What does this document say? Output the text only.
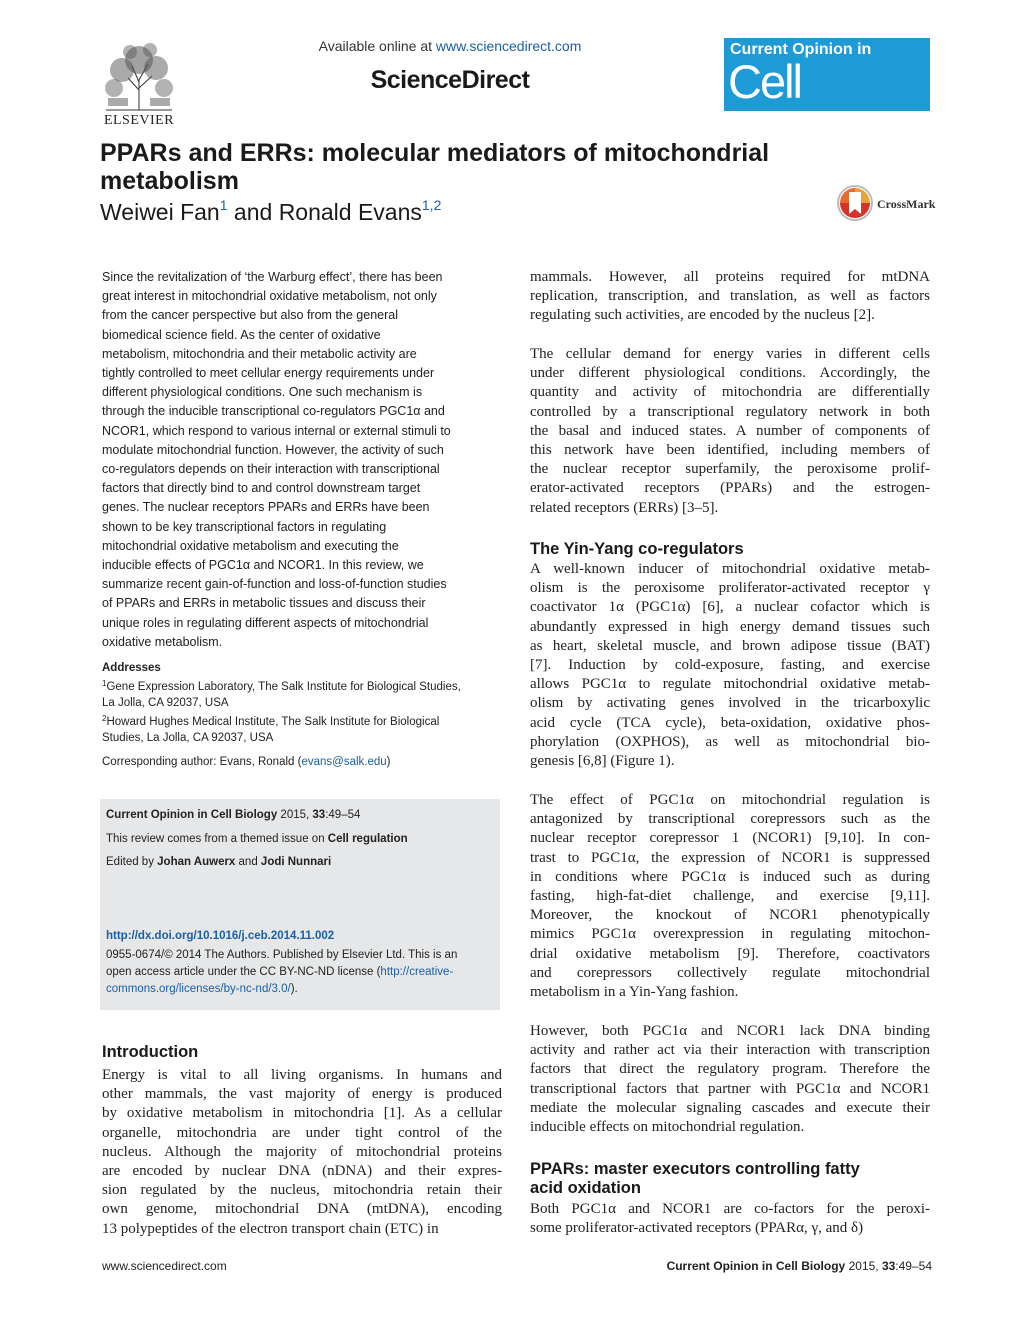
ELSEVIER
Available online at www.sciencedirect.com
ScienceDirect
Current Opinion in
Cell Biology
PPARs and ERRs: molecular mediators of mitochondrial
metabolism
Weiwei Fan$^1$ and Ronald Evans$^{1,2}$	CrossMark
Since the revitalization of ‘the Warburg effect’, there has been
great interest in mitochondrial oxidative metabolism, not only
from the cancer perspective but also from the general
biomedical science field. As the center of oxidative
metabolism, mitochondria and their metabolic activity are
tightly controlled to meet cellular energy requirements under
different physiological conditions. One such mechanism is
through the inducible transcriptional co-regulators PGC1α and
NCOR1, which respond to various internal or external stimuli to
modulate mitochondrial function. However, the activity of such
co-regulators depends on their interaction with transcriptional
factors that directly bind to and control downstream target
genes. The nuclear receptors PPARs and ERRs have been
shown to be key transcriptional factors in regulating
mitochondrial oxidative metabolism and executing the
inducible effects of PGC1α and NCOR1. In this review, we
summarize recent gain-of-function and loss-of-function studies
of PPARs and ERRs in metabolic tissues and discuss their
unique roles in regulating different aspects of mitochondrial
oxidative metabolism.
Addresses
$^1$Gene Expression Laboratory, The Salk Institute for Biological Studies,
La Jolla, CA 92037, USA
$^2$Howard Hughes Medical Institute, The Salk Institute for Biological
Studies, La Jolla, CA 92037, USA
Corresponding author: Evans, Ronald (evans@salk.edu)
Current Opinion in Cell Biology 2015, 33:49–54
This review comes from a themed issue on Cell regulation
Edited by Johan Auwerx and Jodi Nunnari
http://dx.doi.org/10.1016/j.ceb.2014.11.002
0955-0674/© 2014 The Authors. Published by Elsevier Ltd. This is an
open access article under the CC BY-NC-ND license (http://creative-
commons.org/licenses/by-nc-nd/3.0/).
Introduction
Energy is vital to all living organisms. In humans and
other mammals, the vast majority of energy is produced
by oxidative metabolism in mitochondria [1]. As a cellular
organelle, mitochondria are under tight control of the
nucleus. Although the majority of mitochondrial proteins
are encoded by nuclear DNA (nDNA) and their expres-
sion regulated by the nucleus, mitochondria retain their
own genome, mitochondrial DNA (mtDNA), encoding
13 polypeptides of the electron transport chain (ETC) in
mammals. However, all proteins required for mtDNA
replication, transcription, and translation, as well as factors
regulating such activities, are encoded by the nucleus [2].
The cellular demand for energy varies in different cells
under different physiological conditions. Accordingly, the
quantity and activity of mitochondria are differentially
controlled by a transcriptional regulatory network in both
the basal and induced states. A number of components of
this network have been identified, including members of
the nuclear receptor superfamily, the peroxisome prolif-
erator-activated receptors (PPARs) and the estrogen-
related receptors (ERRs) [3–5].
The Yin-Yang co-regulators
A well-known inducer of mitochondrial oxidative metab-
olism is the peroxisome proliferator-activated receptor γ
coactivator 1α (PGC1α) [6], a nuclear cofactor which is
abundantly expressed in high energy demand tissues such
as heart, skeletal muscle, and brown adipose tissue (BAT)
[7]. Induction by cold-exposure, fasting, and exercise
allows PGC1α to regulate mitochondrial oxidative metab-
olism by activating genes involved in the tricarboxylic
acid cycle (TCA cycle), beta-oxidation, oxidative phos-
phorylation (OXPHOS), as well as mitochondrial bio-
genesis [6,8] (Figure 1).
The effect of PGC1α on mitochondrial regulation is
antagonized by transcriptional corepressors such as the
nuclear receptor corepressor 1 (NCOR1) [9,10]. In con-
trast to PGC1α, the expression of NCOR1 is suppressed
in conditions where PGC1α is induced such as during
fasting, high-fat-diet challenge, and exercise [9,11].
Moreover, the knockout of NCOR1 phenotypically
mimics PGC1α overexpression in regulating mitochon-
drial oxidative metabolism [9]. Therefore, coactivators
and corepressors collectively regulate mitochondrial
metabolism in a Yin-Yang fashion.
However, both PGC1α and NCOR1 lack DNA binding
activity and rather act via their interaction with transcription
factors that direct the regulatory program. Therefore the
transcriptional factors that partner with PGC1α and NCOR1
mediate the molecular signaling cascades and execute their
inducible effects on mitochondrial regulation.
PPARs: master executors controlling fatty
acid oxidation
Both PGC1α and NCOR1 are co-factors for the peroxi-
some proliferator-activated receptors (PPARα, γ, and δ)
www.sciencedirect.com	Current Opinion in Cell Biology 2015, 33:49–54
